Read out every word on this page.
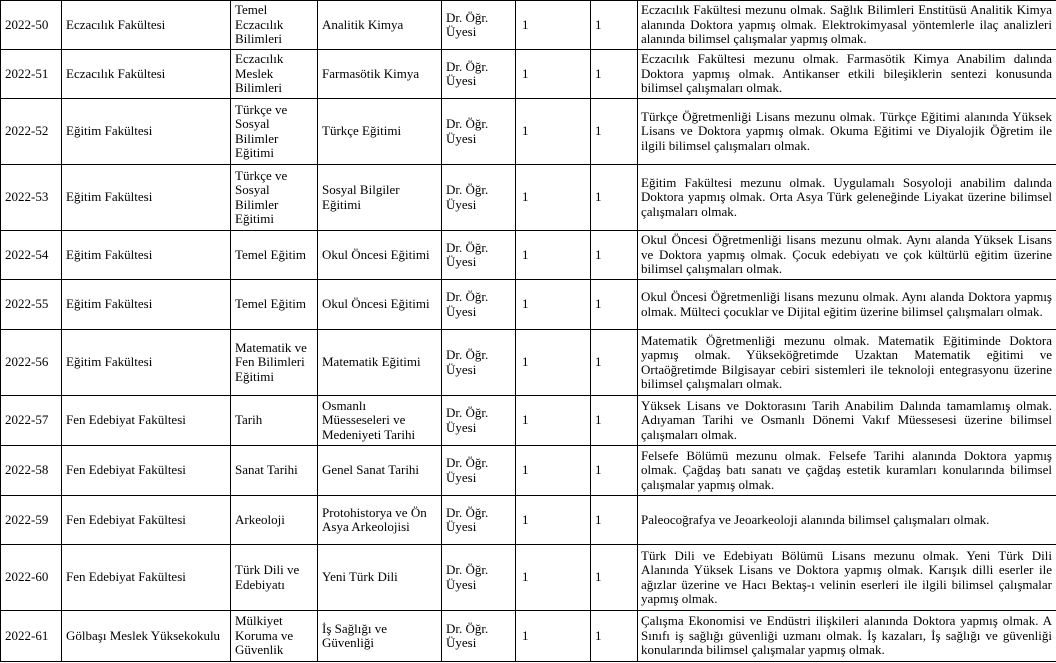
2022-50	Eczacılık Fakültesi	Temel Eczacılık Bilimleri	Analitik Kimya	Dr. Öğr. Üyesi	1	1	Eczacılık Fakültesi mezunu olmak. Sağlık Bilimleri Enstitüsü Analitik Kimya alanında Doktora yapmış olmak. Elektrokimyasal yöntemlerle ilaç analizleri alanında bilimsel çalışmalar yapmış olmak.
2022-51	Eczacılık Fakültesi	Eczacılık Meslek Bilimleri	Farmasötik Kimya	Dr. Öğr. Üyesi	1	1	Eczacılık Fakültesi mezunu olmak. Farmasötik Kimya Anabilim dalında Doktora yapmış olmak. Antikanser etkili bileşiklerin sentezi konusunda bilimsel çalışmaları olmak.
2022-52	Eğitim Fakültesi	Türkçe ve Sosyal Bilimler Eğitimi	Türkçe Eğitimi	Dr. Öğr. Üyesi	1	1	Türkçe Öğretmenliği Lisans mezunu olmak. Türkçe Eğitimi alanında Yüksek Lisans ve Doktora yapmış olmak. Okuma Eğitimi ve Diyalojik Öğretim ile ilgili bilimsel çalışmaları olmak.
2022-53	Eğitim Fakültesi	Türkçe ve Sosyal Bilimler Eğitimi	Sosyal Bilgiler Eğitimi	Dr. Öğr. Üyesi	1	1	Eğitim Fakültesi mezunu olmak. Uygulamalı Sosyoloji anabilim dalında Doktora yapmış olmak. Orta Asya Türk geleneğinde Liyakat üzerine bilimsel çalışmaları olmak.
2022-54	Eğitim Fakültesi	Temel Eğitim	Okul Öncesi Eğitimi	Dr. Öğr. Üyesi	1	1	Okul Öncesi Öğretmenliği lisans mezunu olmak. Aynı alanda Yüksek Lisans ve Doktora yapmış olmak. Çocuk edebiyatı ve çok kültürlü eğitim üzerine bilimsel çalışmaları olmak.
2022-55	Eğitim Fakültesi	Temel Eğitim	Okul Öncesi Eğitimi	Dr. Öğr. Üyesi	1	1	Okul Öncesi Öğretmenliği lisans mezunu olmak. Aynı alanda Doktora yapmış olmak. Mülteci çocuklar ve Dijital eğitim üzerine bilimsel çalışmaları olmak.
2022-56	Eğitim Fakültesi	Matematik ve Fen Bilimleri Eğitimi	Matematik Eğitimi	Dr. Öğr. Üyesi	1	1	Matematik Öğretmenliği mezunu olmak. Matematik Eğitiminde Doktora yapmış olmak. Yükseköğretimde Uzaktan Matematik eğitimi ve Ortaöğretimde Bilgisayar cebiri sistemleri ile teknoloji entegrasyonu üzerine bilimsel çalışmaları olmak.
2022-57	Fen Edebiyat Fakültesi	Tarih	Osmanlı Müesseseleri ve Medeniyeti Tarihi	Dr. Öğr. Üyesi	1	1	Yüksek Lisans ve Doktorasını Tarih Anabilim Dalında tamamlamış olmak. Adıyaman Tarihi ve Osmanlı Dönemi Vakıf Müessesesi üzerine bilimsel çalışmaları olmak.
2022-58	Fen Edebiyat Fakültesi	Sanat Tarihi	Genel Sanat Tarihi	Dr. Öğr. Üyesi	1	1	Felsefe Bölümü mezunu olmak. Felsefe Tarihi alanında Doktora yapmış olmak. Çağdaş batı sanatı ve çağdaş estetik kuramları konularında bilimsel çalışmalar yapmış olmak.
2022-59	Fen Edebiyat Fakültesi	Arkeoloji	Protohistorya ve Ön Asya Arkeolojisi	Dr. Öğr. Üyesi	1	1	Paleocoğrafya ve Jeoarkeoloji alanında bilimsel çalışmaları olmak.
2022-60	Fen Edebiyat Fakültesi	Türk Dili ve Edebiyatı	Yeni Türk Dili	Dr. Öğr. Üyesi	1	1	Türk Dili ve Edebiyatı Bölümü Lisans mezunu olmak. Yeni Türk Dili Alanında Yüksek Lisans ve Doktora yapmış olmak. Karışık dilli eserler ile ağızlar üzerine ve Hacı Bektaş-ı velinin eserleri ile ilgili bilimsel çalışmalar yapmış olmak.
2022-61	Gölbaşı Meslek Yüksekokulu	Mülkiyet Koruma ve Güvenlik	İş Sağlığı ve Güvenliği	Dr. Öğr. Üyesi	1	1	Çalışma Ekonomisi ve Endüstri ilişkileri alanında Doktora yapmış olmak. A Sınıfı iş sağlığı güvenliği uzmanı olmak. İş kazaları, İş sağlığı ve güvenliği konularında bilimsel çalışmalar yapmış olmak.
